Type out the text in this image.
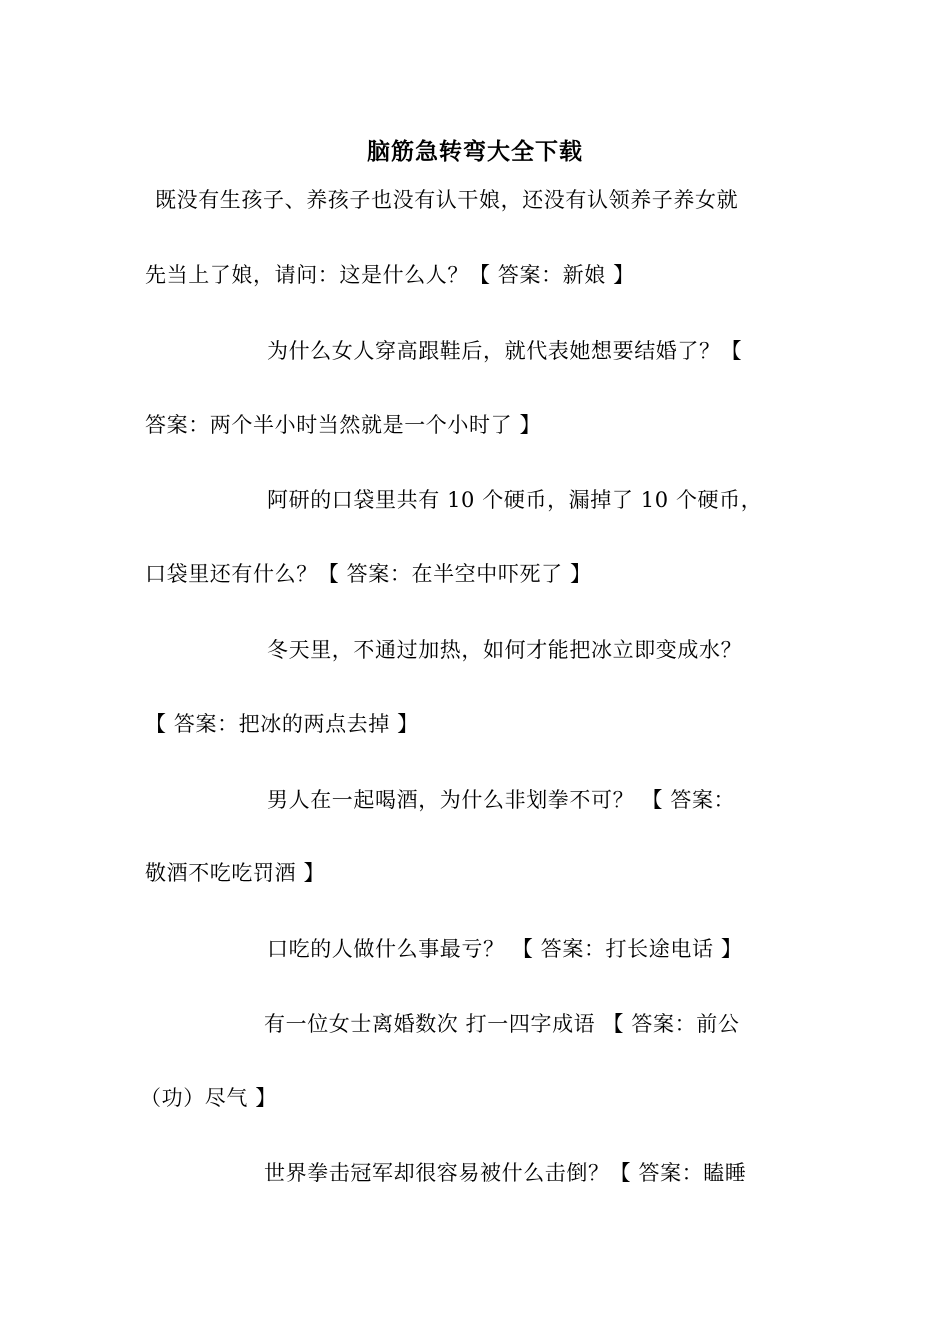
脑筋急转弯大全下载
既没有生孩子、养孩子也没有认干娘，还没有认领养子养女就
先当上了娘，请问：这是什么人？【 答案：新娘 】
为什么女人穿高跟鞋后，就代表她想要结婚了？【
答案：两个半小时当然就是一个小时了 】
阿研的口袋里共有 10 个硬币，漏掉了 10 个硬币，
口袋里还有什么？【 答案：在半空中吓死了 】
冬天里，不通过加热，如何才能把冰立即变成水？
【 答案：把冰的两点去掉 】
男人在一起喝酒，为什么非划拳不可？ 【 答案：
敬酒不吃吃罚酒 】
口吃的人做什么事最亏？ 【 答案：打长途电话 】
有一位女士离婚数次 打一四字成语 【 答案：前公
（功）尽气 】
世界拳击冠军却很容易被什么击倒？【 答案：瞌睡
